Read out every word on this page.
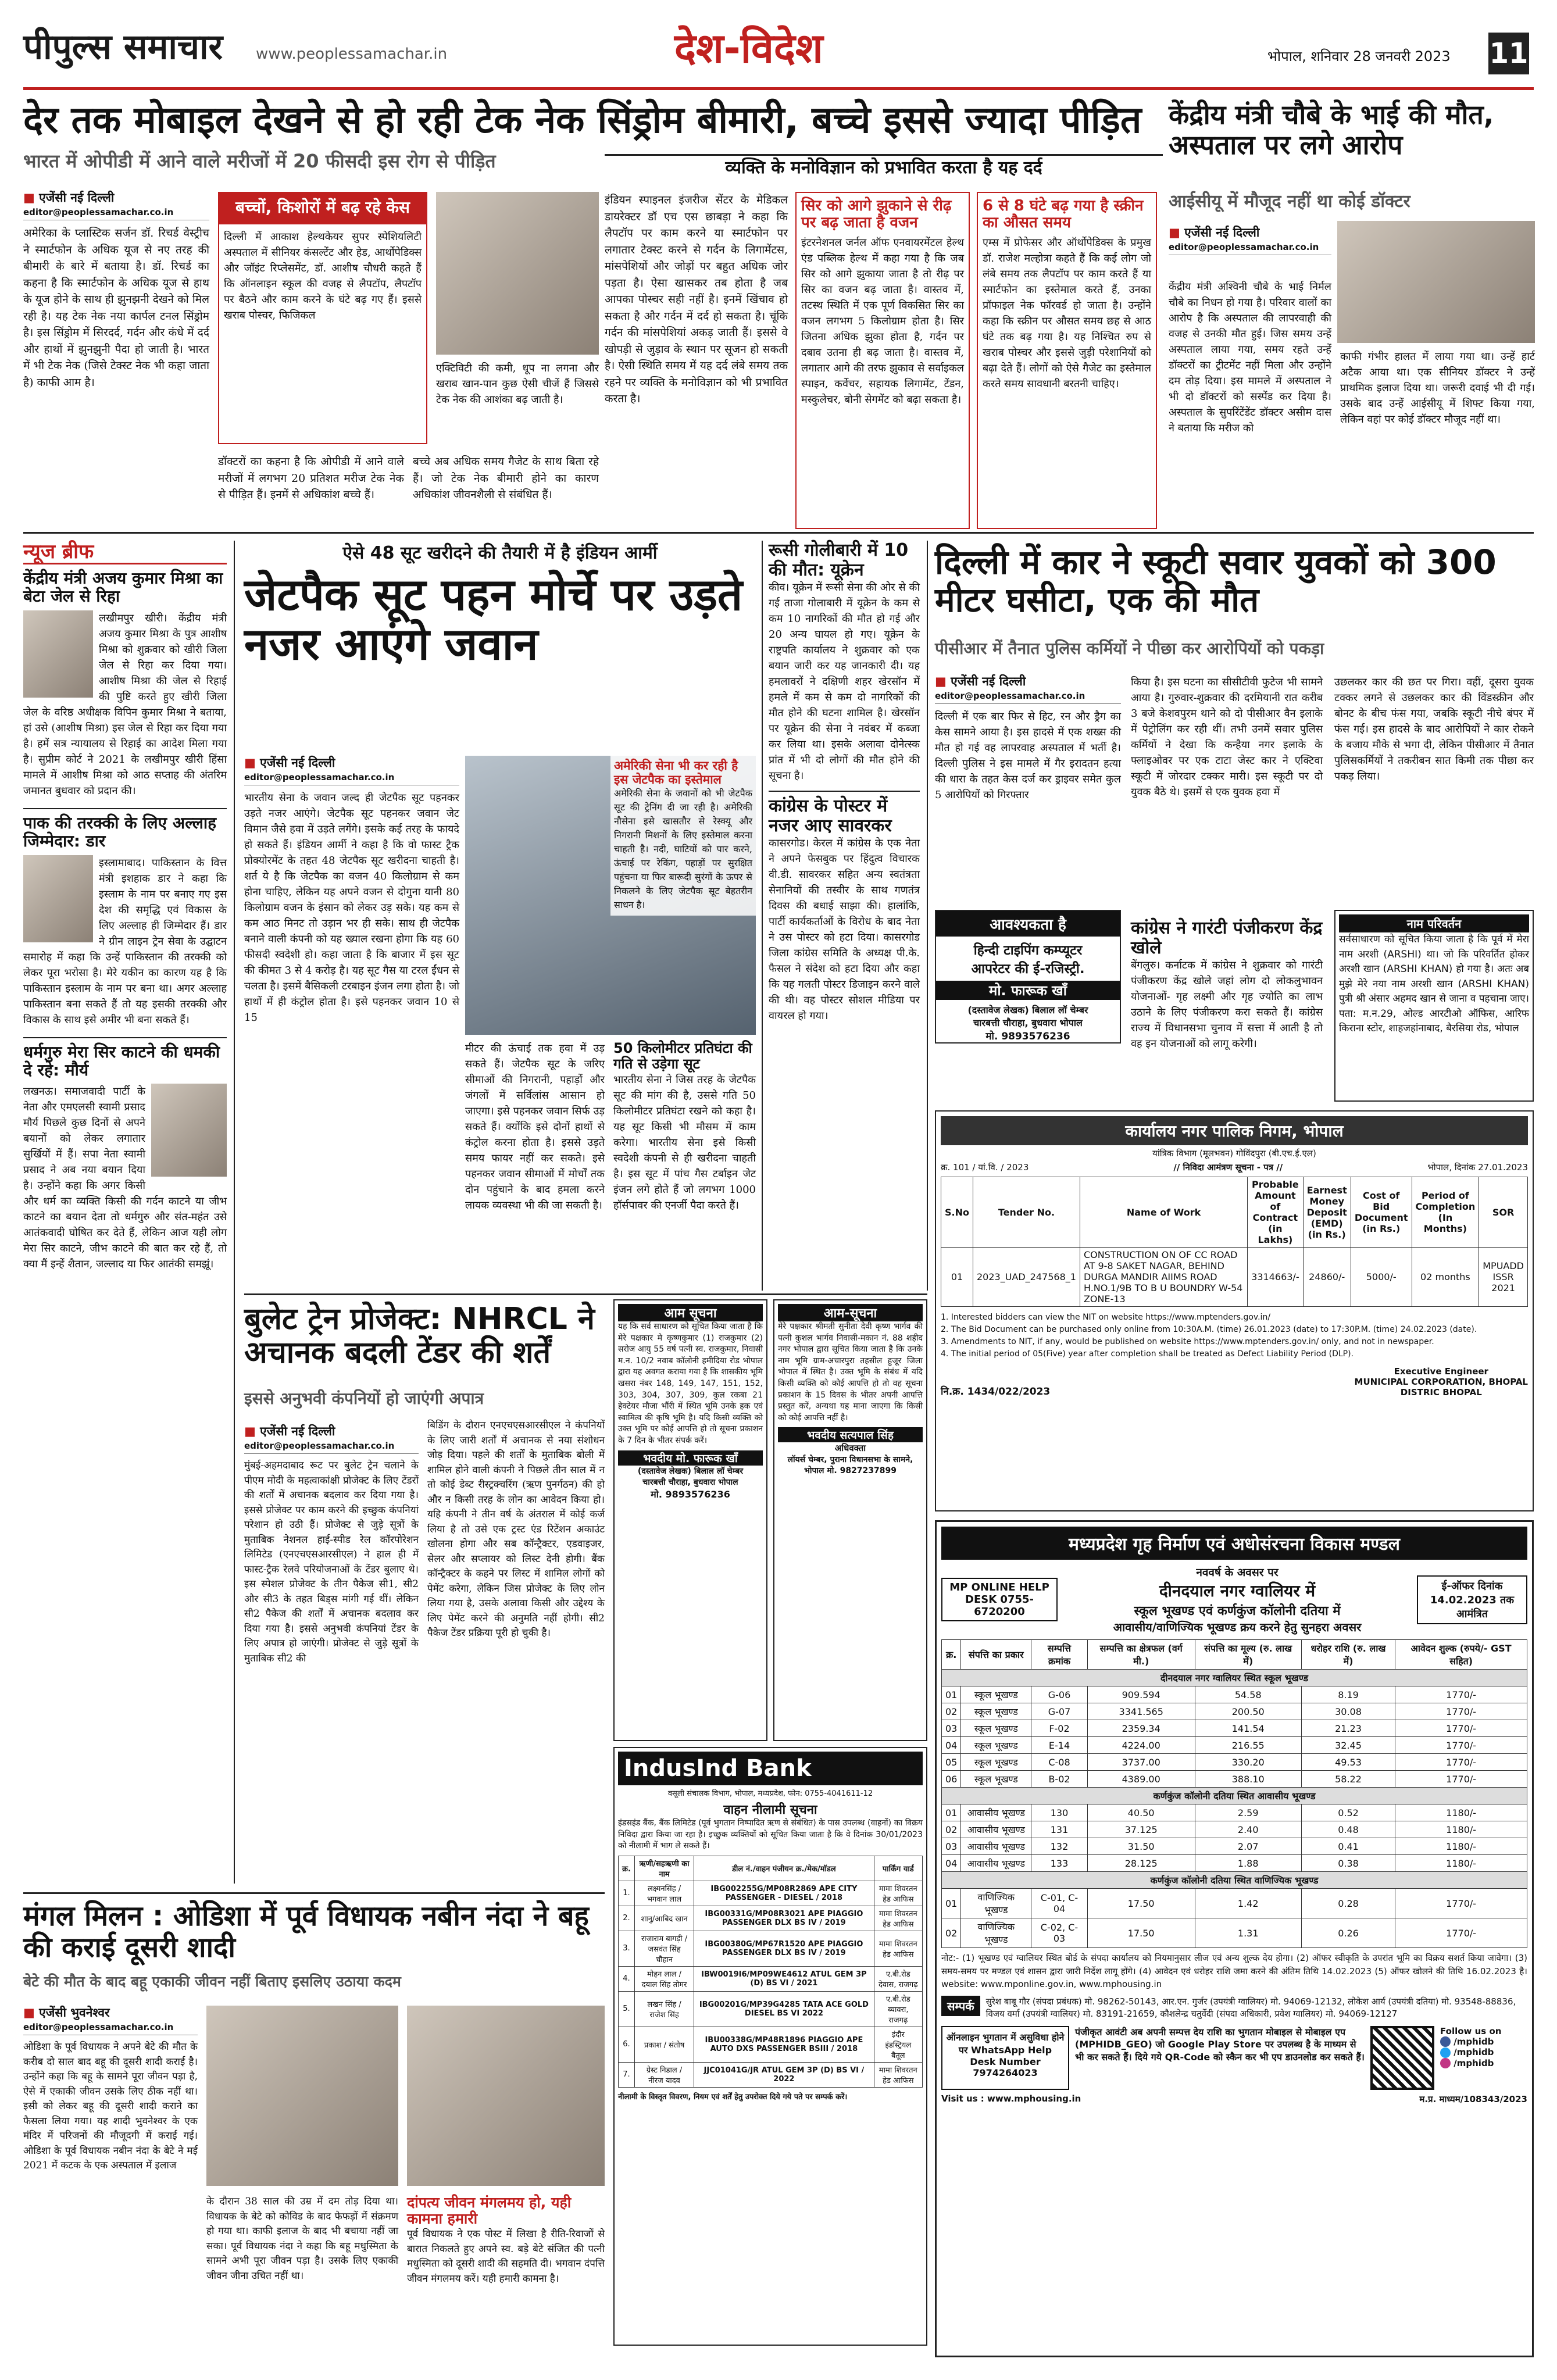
पीपुल्स समाचार www.peoplessamachar.in	देश-विदेश	भोपाल, शनिवार 28 जनवरी 2023 11
देर तक मोबाइल देखने से हो रही टेक नेक सिंड्रोम बीमारी, बच्चे इससे ज्यादा पीड़ित
भारत में ओपीडी में आने वाले मरीजों में 20 फीसदी इस रोग से पीड़ित
■ एजेंसी नई दिल्ली
editor@peoplessamachar.co.in
अमेरिका के प्लास्टिक सर्जन डॉ. रिचर्ड वेस्ट्रीच ने स्मार्टफोन के अधिक यूज से नए तरह की बीमारी के बारे में बताया है। डॉ. रिचर्ड का कहना है कि स्मार्टफोन के अधिक यूज से हाथ के यूज होने के साथ ही झुनझनी देखने को मिल रही है। यह टेक नेक नया कार्पल टनल सिंड्रोम है। इस सिंड्रोम में सिरदर्द, गर्दन और कंधे में दर्द और हाथों में झुनझुनी पैदा हो जाती है। भारत में भी टेक नेक (जिसे टेक्स्ट नेक भी कहा जाता है) काफी आम है।
बच्चों, किशोरों में बढ़ रहे केस
दिल्ली में आकाश हेल्थकेयर सुपर स्पेशियलिटी अस्पताल में सीनियर कंसल्टेंट और हेड, आर्थोपेडिक्स और जॉइंट रिप्लेसमेंट, डॉ. आशीष चौधरी कहते हैं कि ऑनलाइन स्कूल की वजह से लैपटॉप, लैपटॉप पर बैठने और काम करने के घंटे बढ़ गए हैं। इससे खराब पोस्चर, फिजिकल
एक्टिविटी की कमी, धूप ना लगना और खराब खान-पान कुछ ऐसी चीजें हैं जिससे टेक नेक की आशंका बढ़ जाती है।
डॉक्टरों का कहना है कि ओपीडी में आने वाले मरीजों में लगभग 20 प्रतिशत मरीज टेक नेक से पीड़ित हैं। इनमें से अधिकांश बच्चे हैं।
बच्चे अब अधिक समय गैजेट के साथ बिता रहे हैं। जो टेक नेक बीमारी होने का कारण अधिकांश जीवनशैली से संबंधित हैं।
व्यक्ति के मनोविज्ञान को प्रभावित करता है यह दर्द
इंडियन स्पाइनल इंजरीज सेंटर के मेडिकल डायरेक्टर डॉ एच एस छाबड़ा ने कहा कि लैपटॉप पर काम करने या स्मार्टफोन पर लगातार टेक्स्ट करने से गर्दन के लिगामेंटस, मांसपेशियों और जोड़ों पर बहुत अधिक जोर पड़ता है। ऐसा खासकर तब होता है जब आपका पोस्चर सही नहीं है। इनमें खिंचाव हो सकता है और गर्दन में दर्द हो सकता है। चूंकि गर्दन की मांसपेशियां अकड़ जाती हैं। इससे वे खोपड़ी से जुड़ाव के स्थान पर सूजन हो सकती है। ऐसी स्थिति समय में यह दर्द लंबे समय तक रहने पर व्यक्ति के मनोविज्ञान को भी प्रभावित करता है।
सिर को आगे झुकाने से रीढ़ पर बढ़ जाता है वजन
इंटरनेशनल जर्नल ऑफ एनवायरमेंटल हेल्थ एंड पब्लिक हेल्थ में कहा गया है कि जब सिर को आगे झुकाया जाता है तो रीढ़ पर सिर का वजन बढ़ जाता है। वास्तव में, तटस्थ स्थिति में एक पूर्ण विकसित सिर का वजन लगभग 5 किलोग्राम होता है। सिर जितना अधिक झुका होता है, गर्दन पर दबाव उतना ही बढ़ जाता है। वास्तव में, लगातार आगे की तरफ झुकाव से सर्वाइकल स्पाइन, कर्वेचर, सहायक लिगामेंट, टेंडन, मस्कुलेचर, बोनी सेगमेंट को बढ़ा सकता है।
6 से 8 घंटे बढ़ गया है स्क्रीन का औसत समय
एम्स में प्रोफेसर और ऑर्थोपेडिक्स के प्रमुख डॉ. राजेश मल्होत्रा कहते हैं कि कई लोग जो लंबे समय तक लैपटॉप पर काम करते हैं या स्मार्टफोन का इस्तेमाल करते हैं, उनका प्रॉफाइल नेक फॉरवर्ड हो जाता है। उन्होंने कहा कि स्क्रीन पर औसत समय छह से आठ घंटे तक बढ़ गया है। यह निश्चित रुप से खराब पोस्चर और इससे जुड़ी परेशानियों को बढ़ा देते हैं। लोगों को ऐसे गैजेट का इस्तेमाल करते समय सावधानी बरतनी चाहिए।
केंद्रीय मंत्री चौबे के भाई की मौत, अस्पताल पर लगे आरोप
आईसीयू में मौजूद नहीं था कोई डॉक्टर
■ एजेंसी नई दिल्ली
editor@peoplessamachar.co.in
केंद्रीय मंत्री अश्विनी चौबे के भाई निर्मल चौबे का निधन हो गया है। परिवार वालों का आरोप है कि अस्पताल की लापरवाही की वजह से उनकी मौत हुई। जिस समय उन्हें अस्पताल लाया गया, समय रहते उन्हें डॉक्टरों का ट्रीटमेंट नहीं मिला और उन्होंने दम तोड़ दिया। इस मामले में अस्पताल ने भी दो डॉक्टरों को सस्पेंड कर दिया है। अस्पताल के सुपरिंटेंडेंट डॉक्टर असीम दास ने बताया कि मरीज को
काफी गंभीर हालत में लाया गया था। उन्हें हार्ट अटैक आया था। एक सीनियर डॉक्टर ने उन्हें प्राथमिक इलाज दिया था। जरूरी दवाई भी दी गई। उसके बाद उन्हें आईसीयू में शिफ्ट किया गया, लेकिन वहां पर कोई डॉक्टर मौजूद नहीं था।
न्यूज ब्रीफ
केंद्रीय मंत्री अजय कुमार मिश्रा का बेटा जेल से रिहा
लखीमपुर खीरी। केंद्रीय मंत्री अजय कुमार मिश्रा के पुत्र आशीष मिश्रा को शुक्रवार को खीरी जिला जेल से रिहा कर दिया गया। आशीष मिश्रा की जेल से रिहाई की पुष्टि करते हुए खीरी जिला जेल के वरिष्ठ अधीक्षक विपिन कुमार मिश्रा ने बताया, हां उसे (आशीष मिश्रा) इस जेल से रिहा कर दिया गया है। हमें सत्र न्यायालय से रिहाई का आदेश मिला गया है। सुप्रीम कोर्ट ने 2021 के लखीमपुर खीरी हिंसा मामले में आशीष मिश्रा को आठ सप्ताह की अंतरिम जमानत बुधवार को प्रदान की।
पाक की तरक्की के लिए अल्लाह जिम्मेदार: डार
इस्लामाबाद। पाकिस्तान के वित्त मंत्री इशहाक डार ने कहा कि इस्लाम के नाम पर बनाए गए इस देश की समृद्धि एवं विकास के लिए अल्लाह ही जिम्मेदार हैं। डार ने ग्रीन लाइन ट्रेन सेवा के उद्घाटन समारोह में कहा कि उन्हें पाकिस्तान की तरक्की को लेकर पूरा भरोसा है। मेरे यकीन का कारण यह है कि पाकिस्तान इस्लाम के नाम पर बना था। अगर अल्लाह पाकिस्तान बना सकते हैं तो यह इसकी तरक्की और विकास के साथ इसे अमीर भी बना सकते हैं।
धर्मगुरु मेरा सिर काटने की धमकी दे रहे: मौर्य
लखनऊ। समाजवादी पार्टी के नेता और एमएलसी स्वामी प्रसाद मौर्य पिछले कुछ दिनों से अपने बयानों को लेकर लगातार सुर्खियों में हैं। सपा नेता स्वामी प्रसाद ने अब नया बयान दिया है। उन्होंने कहा कि अगर किसी और धर्म का व्यक्ति किसी की गर्दन काटने या जीभ काटने का बयान देता तो धर्मगुरु और संत-महंत उसे आतंकवादी घोषित कर देते हैं, लेकिन आज यही लोग मेरा सिर काटने, जीभ काटने की बात कर रहे हैं, तो क्या मैं इन्हें शैतान, जल्लाद या फिर आतंकी समझूं।
ऐसे 48 सूट खरीदने की तैयारी में है इंडियन आर्मी
जेटपैक सूट पहन मोर्चे पर उड़ते नजर आएंगे जवान
■ एजेंसी नई दिल्ली
editor@peoplessamachar.co.in
भारतीय सेना के जवान जल्द ही जेटपैक सूट पहनकर उड़ते नजर आएंगे। जेटपैक सूट पहनकर जवान जेट विमान जैसे हवा में उड़ते लगेंगे। इसके कई तरह के फायदे हो सकते हैं। इंडियन आर्मी ने कहा है कि वो फास्ट ट्रैक प्रोक्योरमेंट के तहत 48 जेटपैक सूट खरीदना चाहती है। शर्त ये है कि जेटपैक का वजन 40 किलोग्राम से कम होना चाहिए, लेकिन यह अपने वजन से दोगुना यानी 80 किलोग्राम वजन के इंसान को लेकर उड़ सके। यह कम से कम आठ मिनट तो उड़ान भर ही सके। साथ ही जेटपैक बनाने वाली कंपनी को यह ख्याल रखना होगा कि यह 60 फीसदी स्वदेशी हो। कहा जाता है कि बाजार में इस सूट की कीमत 3 से 4 करोड़ है। यह सूट गैस या टरल ईंधन से चलता है। इसमें बैसिकली टरबाइन इंजन लगा होता है। जो हाथों में ही कंट्रोल होता है। इसे पहनकर जवान 10 से 15
अमेरिकी सेना भी कर रही है इस जेटपैक का इस्तेमाल
अमेरिकी सेना के जवानों को भी जेटपैक सूट की ट्रेनिंग दी जा रही है। अमेरिकी नौसेना इसे खासतौर से रेस्क्यू और निगरानी मिशनों के लिए इस्तेमाल करना चाहती है। नदी, घाटियों को पार करने, ऊंचाई पर रेकिंग, पहाड़ों पर सुरक्षित पहुंचना या फिर बारूदी सुरंगों के ऊपर से निकलने के लिए जेटपैक सूट बेहतरीन साधन है।
मीटर की ऊंचाई तक हवा में उड़ सकते हैं। जेटपैक सूट के जरिए सीमाओं की निगरानी, पहाड़ों और जंगलों में सर्विलांस आसान हो जाएगा। इसे पहनकर जवान सिर्फ उड़ सकते हैं। क्योंकि इसे दोनों हाथों से कंट्रोल करना होता है। इससे उड़ते समय फायर नहीं कर सकते। इसे पहनकर जवान सीमाओं में मोर्चों तक दोन पहुंचाने के बाद हमला करने लायक व्यवस्था भी की जा सकती है।
50 किलोमीटर प्रतिघंटा की गति से उड़ेगा सूट
भारतीय सेना ने जिस तरह के जेटपैक सूट की मांग की है, उससे गति 50 किलोमीटर प्रतिघंटा रखने को कहा है। यह सूट किसी भी मौसम में काम करेगा। भारतीय सेना इसे किसी स्वदेशी कंपनी से ही खरीदना चाहती है। इस सूट में पांच गैस टर्बाइन जेट इंजन लगे होते हैं जो लगभग 1000 हॉर्सपावर की एनर्जी पैदा करते हैं।
रूसी गोलीबारी में 10 की मौत: यूक्रेन
कीव। यूक्रेन में रूसी सेना की ओर से की गई ताजा गोलाबारी में यूक्रेन के कम से कम 10 नागरिकों की मौत हो गई और 20 अन्य घायल हो गए। यूक्रेन के राष्ट्रपति कार्यालय ने शुक्रवार को एक बयान जारी कर यह जानकारी दी। यह हमलावरों ने दक्षिणी शहर खेरसॉन में हमले में कम से कम दो नागरिकों की मौत होने की घटना शामिल है। खेरसॉन पर यूक्रेन की सेना ने नवंबर में कब्जा कर लिया था। इसके अलावा दोनेत्स्क प्रांत में भी दो लोगों की मौत होने की सूचना है।
कांग्रेस के पोस्टर में नजर आए सावरकर
कासरगोड। केरल में कांग्रेस के एक नेता ने अपने फेसबुक पर हिंदुत्व विचारक वी.डी. सावरकर सहित अन्य स्वतंत्रता सेनानियों की तस्वीर के साथ गणतंत्र दिवस की बधाई साझा की। हालांकि, पार्टी कार्यकर्ताओं के विरोध के बाद नेता ने उस पोस्टर को हटा दिया। कासरगोड जिला कांग्रेस समिति के अध्यक्ष पी.के. फैसल ने संदेश को हटा दिया और कहा कि यह गलती पोस्टर डिजाइन करने वाले की थी। वह पोस्टर सोशल मीडिया पर वायरल हो गया।
दिल्ली में कार ने स्कूटी सवार युवकों को 300 मीटर घसीटा, एक की मौत
पीसीआर में तैनात पुलिस कर्मियों ने पीछा कर आरोपियों को पकड़ा
■ एजेंसी नई दिल्ली
editor@peoplessamachar.co.in
दिल्ली में एक बार फिर से हिट, रन और ड्रैग का केस सामने आया है। इस हादसे में एक शख्स की मौत हो गई वह लापरवाह अस्पताल में भर्ती है। दिल्ली पुलिस ने इस मामले में गैर इरादतन हत्या की धारा के तहत केस दर्ज कर ड्राइवर समेत कुल 5 आरोपियों को गिरफ्तार
किया है। इस घटना का सीसीटीवी फुटेज भी सामने आया है। गुरुवार-शुक्रवार की दरमियानी रात करीब 3 बजे केशवपुरम थाने को दो पीसीआर वैन इलाके में पेट्रोलिंग कर रही थीं। तभी उनमें सवार पुलिस कर्मियों ने देखा कि कन्हैया नगर इलाके के फ्लाइओवर पर एक टाटा जेस्ट कार ने एक्टिवा स्कूटी में जोरदार टक्कर मारी। इस स्कूटी पर दो युवक बैठे थे। इसमें से एक युवक हवा में
उछलकर कार की छत पर गिरा। वहीं, दूसरा युवक टक्कर लगने से उछलकर कार की विंडस्क्रीन और बोनट के बीच फंस गया, जबकि स्कूटी नीचे बंपर में फंस गई। इस हादसे के बाद आरोपियों ने कार रोकने के बजाय मौके से भगा दी, लेकिन पीसीआर में तैनात पुलिसकर्मियों ने तकरीबन सात किमी तक पीछा कर पकड़ लिया।
कांग्रेस ने गारंटी पंजीकरण केंद्र खोले
बेंगलुरु। कर्नाटक में कांग्रेस ने शुक्रवार को गारंटी पंजीकरण केंद्र खोले जहां लोग दो लोकलुभावन योजनाओं- गृह लक्ष्मी और गृह ज्योति का लाभ उठाने के लिए पंजीकरण करा सकते हैं। कांग्रेस राज्य में विधानसभा चुनाव में सत्ता में आती है तो वह इन योजनाओं को लागू करेगी।
आवश्यकता है
हिन्दी टाइपिंग कम्प्यूटर
आपरेटर की ई-रजिस्ट्री.
मो. फारूक खाँ
(दस्तावेज लेखक) बिलाल लॉ चेम्बर
चारबत्ती चौराहा, बुधवारा भोपाल
मो. 9893576236
नाम परिवर्तन
सर्वसाधारण को सूचित किया जाता है कि पूर्व में मेरा नाम अरशी (ARSHI) था। जो कि परिवर्तित होकर अरशी खान (ARSHI KHAN) हो गया है। अतः अब मुझे मेरे नया नाम अरशी खान (ARSHI KHAN) पुत्री श्री अंसार अहमद खान से जाना व पहचाना जाए। पता: म.न.29, ओल्ड आरटीओ ऑफिस, आरिफ किराना स्टोर, शाहजहांनाबाद, बैरसिया रोड, भोपाल
कार्यालय नगर पालिक निगम, भोपाल
यांत्रिक विभाग (मूलभवन) गोविंदपुरा (बी.एच.ई.एल)
क्र. 101 / यां.वि. / 2023	// निविदा आमंत्रण सूचना - पत्र //	भोपाल, दिनांक 27.01.2023
S.No	Tender No.	Name of Work	Probable Amount of Contract (in Lakhs)	Earnest Money Deposit (EMD) (in Rs.)	Cost of Bid Document (in Rs.)	Period of Completion (In Months)	SOR
01	2023_UAD_247568_1	CONSTRUCTION ON OF CC ROAD AT 9-8 SAKET NAGAR, BEHIND DURGA MANDIR AIIMS ROAD H.NO.1/9B TO B U BOUNDRY W-54 ZONE-13	3314663/-	24860/-	5000/-	02 months	MPUADD ISSR 2021
1. Interested bidders can view the NIT on website https://www.mptenders.gov.in/
2. The Bid Document can be purchased only online from 10:30A.M. (time) 26.01.2023 (date) to 17:30P.M. (time) 24.02.2023 (date).
3. Amendments to NIT, if any, would be published on website https://www.mptenders.gov.in/ only, and not in newspaper.
4. The initial period of 05(Five) year after completion shall be treated as Defect Liability Period (DLP).
नि.क्र. 1434/022/2023
Executive Engineer
MUNICIPAL CORPORATION, BHOPAL
DISTRIC BHOPAL
बुलेट ट्रेन प्रोजेक्ट: NHRCL ने अचानक बदली टेंडर की शर्तें
इससे अनुभवी कंपनियों हो जाएंगी अपात्र
■ एजेंसी नई दिल्ली
editor@peoplessamachar.co.in
मुंबई-अहमदाबाद रूट पर बुलेट ट्रेन चलाने के पीएम मोदी के महत्वाकांक्षी प्रोजेक्ट के लिए टेंडरों की शर्तों में अचानक बदलाव कर दिया गया है। इससे प्रोजेक्ट पर काम करने की इच्छुक कंपनियां परेशान हो उठी हैं। प्रोजेक्ट से जुड़े सूत्रों के मुताबिक नेशनल हाई-स्पीड रेल कॉरपोरेशन लिमिटेड (एनएचएसआरसीएल) ने हाल ही में फास्ट-ट्रैक रेलवे परियोजनाओं के टेंडर बुलाए थे। इस स्पेशल प्रोजेक्ट के तीन पैकेज सी1, सी2 और सी3 के तहत बिड्स मांगी गई थीं। लेकिन सी2 पैकेज की शर्तों में अचानक बदलाव कर दिया गया है। इससे अनुभवी कंपनियां टेंडर के लिए अपात्र हो जाएंगी। प्रोजेक्ट से जुड़े सूत्रों के मुताबिक सी2 की
बिडिंग के दौरान एनएचएसआरसीएल ने कंपनियों के लिए जारी शर्तों में अचानक से नया संशोधन जोड़ दिया। पहले की शर्तों के मुताबिक बोली में शामिल होने वाली कंपनी ने पिछले तीन साल में न तो कोई डेब्ट रीस्ट्रक्चरिंग (ऋण पुनर्गठन) की हो और न किसी तरह के लोन का आवेदन किया हो। यहि कंपनी ने तीन वर्ष के अंतराल में कोई कर्ज लिया है तो उसे एक ट्रस्ट एंड रिटेंशन अकाउंट खोलना होगा और सब कॉन्ट्रैक्टर, एडवाइजर, सेलर और सप्लायर को लिस्ट देनी होगी। बैंक कॉन्ट्रैक्टर के कहने पर लिस्ट में शामिल लोगों को पेमेंट करेगा, लेकिन जिस प्रोजेक्ट के लिए लोन लिया गया है, उसके अलावा किसी और उद्देश्य के लिए पेमेंट करने की अनुमति नहीं होगी। सी2 पैकेज टेंडर प्रक्रिया पूरी हो चुकी है।
आम सूचना
यह कि सर्व साधारण को सूचित किया जाता है कि मेरे पक्षकार मे कृष्णकुमार (1) राजकुमार (2) सरोज आयु 55 वर्ष पत्नी स्व. राजकुमार, निवासी म.न. 10/2 नवाब कॉलोनी हमीदिया रोड भोपाल द्वारा यह अवगत कराया गया है कि शासकीय भूमि खसरा नंबर 148, 149, 147, 151, 152, 303, 304, 307, 309, कुल रकबा 21 हेक्टेयर मौजा भौंरी में स्थित भूमि उनके हक एवं स्वामित्व की कृषि भूमि है। यदि किसी व्यक्ति को उक्त भूमि पर कोई आपत्ति हो तो सूचना प्रकाशन के 7 दिन के भीतर संपर्क करें।
भवदीय मो. फारूक खाँ
(दस्तावेज लेखक) बिलाल लॉ चेम्बर
चारबत्ती चौराहा, बुधवारा भोपाल
मो. 9893576236
आम-सूचना
मेरे पक्षकार श्रीमती सुनीता देवी कृष्ण भार्गव की पत्नी कुशल भार्गव निवासी-मकान नं. 88 शहीद नगर भोपाल द्वारा सूचित किया जाता है कि उनके नाम भूमि ग्राम-अचारपुरा तहसील हुजूर जिला भोपाल में स्थित है। उक्त भूमि के संबंध में यदि किसी व्यक्ति को कोई आपत्ति हो तो वह सूचना प्रकाशन के 15 दिवस के भीतर अपनी आपत्ति प्रस्तुत करें, अन्यथा यह माना जाएगा कि किसी को कोई आपत्ति नहीं है।
भवदीय सत्यपाल सिंह
अधिवक्ता
लॉयर्स चेम्बर, पुराना विधानसभा के सामने, भोपाल मो. 9827237899
IndusInd Bank
वसूली संचालक विभाग, भोपाल, मध्यप्रदेश, फोन: 0755-4041611-12
वाहन नीलामी सूचना
इंडसइंड बैंक, बैंक लिमिटेड (पूर्व भुगतान निष्पादित ऋण से संबंधित) के पास उपलब्ध (वाहनों) का विक्रय निविदा द्वारा किया जा रहा है। इच्छुक व्यक्तियों को सूचित किया जाता है कि वे दिनांक 30/01/2023 को नीलामी में भाग ले सकते हैं।
क्र.	ऋणी/सहऋणी का नाम	डील नं./वाहन पंजीयन क्र./मेक/मॉडल	पार्किंग यार्ड
1.	लक्ष्मनसिंह / भगवान लाल	IBG002255G/MP08R2869 APE CITY PASSENGER - DIESEL / 2018	मामा शिवरतन हेड आफिस
2.	शानु/आबिद खान	IBG00331G/MP08R3021 APE PIAGGIO PASSENGER DLX BS IV / 2019	मामा शिवरतन हेड आफिस
3.	राजाराम बागड़ी / जसवंत सिंह चौहान	IBG00380G/MP67R1520 APE PIAGGIO PASSENGER DLX BS IV / 2019	मामा शिवरतन हेड आफिस
4.	मोहन लाल / दयाल सिंह तोमर	IBW0019I6/MP09WE4612 ATUL GEM 3P (D) BS VI / 2021	ए.बी.रोड देवास, राजगढ़
5.	लखन सिंह / राजेश सिंह	IBG00201G/MP39G4285 TATA ACE GOLD DIESEL BS VI 2022	ए.बी.रोड ब्यावरा, राजगढ़
6.	प्रकाश / संतोष	IBU00338G/MP48R1896 PIAGGIO APE AUTO DXS PASSENGER BSIII / 2018	इंदौर इंडस्ट्रियल बैतूल
7.	ग्रेस्ट निडाल / नीरज यादव	JJC01041G/JR ATUL GEM 3P (D) BS VI / 2022	मामा शिवरतन हेड आफिस
नीलामी के विस्तृत विवरण, नियम एवं शर्तें हेतु उपरोक्त दिये गये पते पर सम्पर्क करें।
मध्यप्रदेश गृह निर्माण एवं अधोसंरचना विकास मण्डल
MP ONLINE HELP DESK 0755-6720200
नववर्ष के अवसर पर
दीनदयाल नगर ग्वालियर में
स्कूल भूखण्ड एवं कर्णकुंज कॉलोनी दतिया में
आवासीय/वाणिज्यिक भूखण्ड क्रय करने हेतु सुनहरा अवसर
ई-ऑफर दिनांक 14.02.2023 तक आमंत्रित
क्र.	संपत्ति का प्रकार	सम्पत्ति क्रमांक	सम्पत्ति का क्षेत्रफल (वर्ग मी.)	संपत्ति का मूल्य (रु. लाख में)	धरोहर राशि (रु. लाख में)	आवेदन शुल्क (रुपये/- GST सहित)
दीनदयाल नगर ग्वालियर स्थित स्कूल भूखण्ड						
01	स्कूल भूखण्ड	G-06	909.594	54.58	8.19	1770/-
02	स्कूल भूखण्ड	G-07	3341.565	200.50	30.08	1770/-
03	स्कूल भूखण्ड	F-02	2359.34	141.54	21.23	1770/-
04	स्कूल भूखण्ड	E-14	4224.00	216.55	32.45	1770/-
05	स्कूल भूखण्ड	C-08	3737.00	330.20	49.53	1770/-
06	स्कूल भूखण्ड	B-02	4389.00	388.10	58.22	1770/-
कर्णकुंज कॉलोनी दतिया स्थित आवासीय भूखण्ड						
01	आवासीय भूखण्ड	130	40.50	2.59	0.52	1180/-
02	आवासीय भूखण्ड	131	37.125	2.40	0.48	1180/-
03	आवासीय भूखण्ड	132	31.50	2.07	0.41	1180/-
04	आवासीय भूखण्ड	133	28.125	1.88	0.38	1180/-
कर्णकुंज कॉलोनी दतिया स्थित वाणिज्यिक भूखण्ड						
01	वाणिज्यिक भूखण्ड	C-01, C-04	17.50	1.42	0.28	1770/-
02	वाणिज्यिक भूखण्ड	C-02, C-03	17.50	1.31	0.26	1770/-
नोट:- (1) भूखण्ड एवं ग्वालियर स्थित बोर्ड के संपदा कार्यालय को नियमानुसार लीज एवं अन्य शुल्क देय होगा। (2) ऑफर स्वीकृति के उपरांत भूमि का विक्रय सशर्त किया जावेगा। (3) समय-समय पर मण्डल एवं शासन द्वारा जारी निर्देश लागू होंगे। (4) आवेदन एवं धरोहर राशि जमा करने की अंतिम तिथि 14.02.2023 (5) ऑफर खोलने की तिथि 16.02.2023 है। website: www.mponline.gov.in, www.mphousing.in
सम्पर्क	सुरेश बाबू गौर (संपदा प्रबंधक) मो. 98262-50143, आर.एन. गुर्जर (उपयंत्री ग्वालियर) मो. 94069-12132, लोकेश आर्य (उपयंत्री दतिया) मो. 93548-88836, विजय वर्मा (उपयंत्री ग्वालियर) मो. 83191-21659, कौशलेन्द्र चतुर्वेदी (संपदा अधिकारी, प्रवेश ग्वालियर) मो. 94069-12127
ऑनलाइन भुगतान में असुविधा होने पर WhatsApp Help Desk Number 7974264023
पंजीकृत आवंटी अब अपनी सम्पत्त देय राशि का भुगतान मोबाइल से मोबाइल एप (MPHIDB_GEO) जो Google Play Store पर उपलब्ध है के माध्यम से भी कर सकते हैं। दिये गये QR-Code को स्कैन कर भी एप डाउनलोड कर सकते हैं।
Follow us on
/mphidb
/mphidb
/mphidb
Visit us : www.mphousing.in	म.प्र. माध्यम/108343/2023
मंगल मिलन : ओडिशा में पूर्व विधायक नबीन नंदा ने बहू की कराई दूसरी शादी
बेटे की मौत के बाद बहू एकाकी जीवन नहीं बिताए इसलिए उठाया कदम
■ एजेंसी भुवनेश्वर
editor@peoplessamachar.co.in
ओडिशा के पूर्व विधायक ने अपने बेटे की मौत के करीब दो साल बाद बहू की दूसरी शादी कराई है। उन्होंने कहा कि बहू के सामने पूरा जीवन पड़ा है, ऐसे में एकाकी जीवन उसके लिए ठीक नहीं था। इसी को लेकर बहू की दूसरी शादी कराने का फैसला लिया गया। यह शादी भुवनेश्वर के एक मंदिर में परिजनों की मौजूदगी में कराई गई। ओडिशा के पूर्व विधायक नबीन नंदा के बेटे ने मई 2021 में कटक के एक अस्पताल में इलाज
के दौरान 38 साल की उम्र में दम तोड़ दिया था। विधायक के बेटे को कोविड के बाद फेफड़ों में संक्रमण हो गया था। काफी इलाज के बाद भी बचाया नहीं जा सका। पूर्व विधायक नंदा ने कहा कि बहू मधुस्मिता के सामने अभी पूरा जीवन पड़ा है। उसके लिए एकाकी जीवन जीना उचित नहीं था।
दांपत्य जीवन मंगलमय हो, यही कामना हमारी
पूर्व विधायक ने एक पोस्ट में लिखा है रीति-रिवाजों से बारात निकलते हुए अपने स्व. बड़े बेटे संजित की पत्नी मधुस्मिता को दूसरी शादी की सहमति दी। भगवान दंपत्ति जीवन मंगलमय करें। यही हमारी कामना है।
